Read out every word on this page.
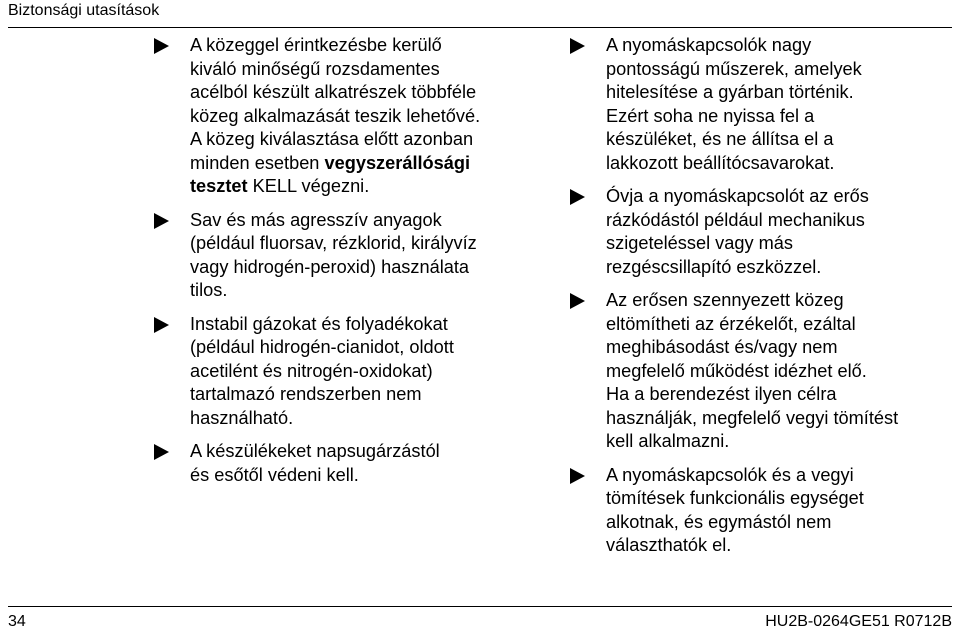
Biztonsági utasítások
A közeggel érintkezésbe kerülő
kiváló minőségű rozsdamentes
acélból készült alkatrészek többféle
közeg alkalmazását teszik lehetővé.
A közeg kiválasztása előtt azonban
minden esetben vegyszerállósági
tesztet KELL végezni.
Sav és más agresszív anyagok
(például fluorsav, rézklorid, királyvíz
vagy hidrogén-peroxid) használata
tilos.
Instabil gázokat és folyadékokat
(például hidrogén-cianidot, oldott
acetilént és nitrogén-oxidokat)
tartalmazó rendszerben nem
használható.
A készülékeket napsugárzástól
és esőtől védeni kell.
A nyomáskapcsolók nagy
pontosságú műszerek, amelyek
hitelesítése a gyárban történik.
Ezért soha ne nyissa fel a
készüléket, és ne állítsa el a
lakkozott beállítócsavarokat.
Óvja a nyomáskapcsolót az erős
rázkódástól például mechanikus
szigeteléssel vagy más
rezgéscsillapító eszközzel.
Az erősen szennyezett közeg
eltömítheti az érzékelőt, ezáltal
meghibásodást és/vagy nem
megfelelő működést idézhet elő.
Ha a berendezést ilyen célra
használják, megfelelő vegyi tömítést
kell alkalmazni.
A nyomáskapcsolók és a vegyi
tömítések funkcionális egységet
alkotnak, és egymástól nem
választhatók el.
34	HU2B-0264GE51 R0712B
